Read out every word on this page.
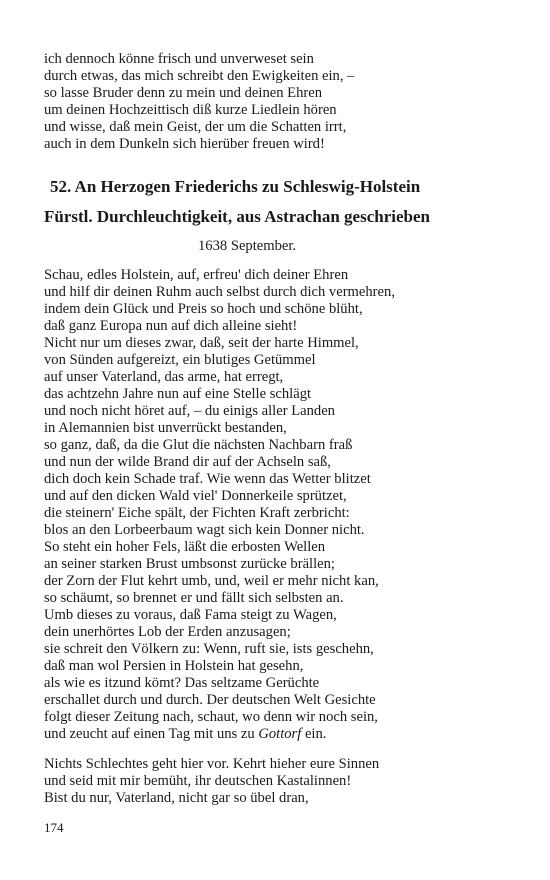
ich dennoch könne frisch und unverweset sein
durch etwas, das mich schreibt den Ewigkeiten ein, –
so lasse Bruder denn zu mein und deinen Ehren
um deinen Hochzeittisch diß kurze Liedlein hören
und wisse, daß mein Geist, der um die Schatten irrt,
auch in dem Dunkeln sich hierüber freuen wird!
52. An Herzogen Friederichs zu Schleswig-Holstein
Fürstl. Durchleuchtigkeit, aus Astrachan geschrieben
1638 September.
Schau, edles Holstein, auf, erfreu' dich deiner Ehren
und hilf dir deinen Ruhm auch selbst durch dich vermehren,
indem dein Glück und Preis so hoch und schöne blüht,
daß ganz Europa nun auf dich alleine sieht!
Nicht nur um dieses zwar, daß, seit der harte Himmel,
von Sünden aufgereizt, ein blutiges Getümmel
auf unser Vaterland, das arme, hat erregt,
das achtzehn Jahre nun auf eine Stelle schlägt
und noch nicht höret auf, – du einigs aller Landen
in Alemannien bist unverrückt bestanden,
so ganz, daß, da die Glut die nächsten Nachbarn fraß
und nun der wilde Brand dir auf der Achseln saß,
dich doch kein Schade traf. Wie wenn das Wetter blitzet
und auf den dicken Wald viel' Donnerkeile sprützet,
die steinern' Eiche spält, der Fichten Kraft zerbricht:
blos an den Lorbeerbaum wagt sich kein Donner nicht.
So steht ein hoher Fels, läßt die erbosten Wellen
an seiner starken Brust umbsonst zurücke brällen;
der Zorn der Flut kehrt umb, und, weil er mehr nicht kan,
so schäumt, so brennet er und fällt sich selbsten an.
Umb dieses zu voraus, daß Fama steigt zu Wagen,
dein unerhörtes Lob der Erden anzusagen;
sie schreit den Völkern zu: Wenn, ruft sie, ists geschehn,
daß man wol Persien in Holstein hat gesehn,
als wie es itzund kömt? Das seltzame Gerüchte
erschallet durch und durch. Der deutschen Welt Gesichte
folgt dieser Zeitung nach, schaut, wo denn wir noch sein,
und zeucht auf einen Tag mit uns zu Gottorf ein.
Nichts Schlechtes geht hier vor. Kehrt hieher eure Sinnen
und seid mit mir bemüht, ihr deutschen Kastalinnen!
Bist du nur, Vaterland, nicht gar so übel dran,
174
